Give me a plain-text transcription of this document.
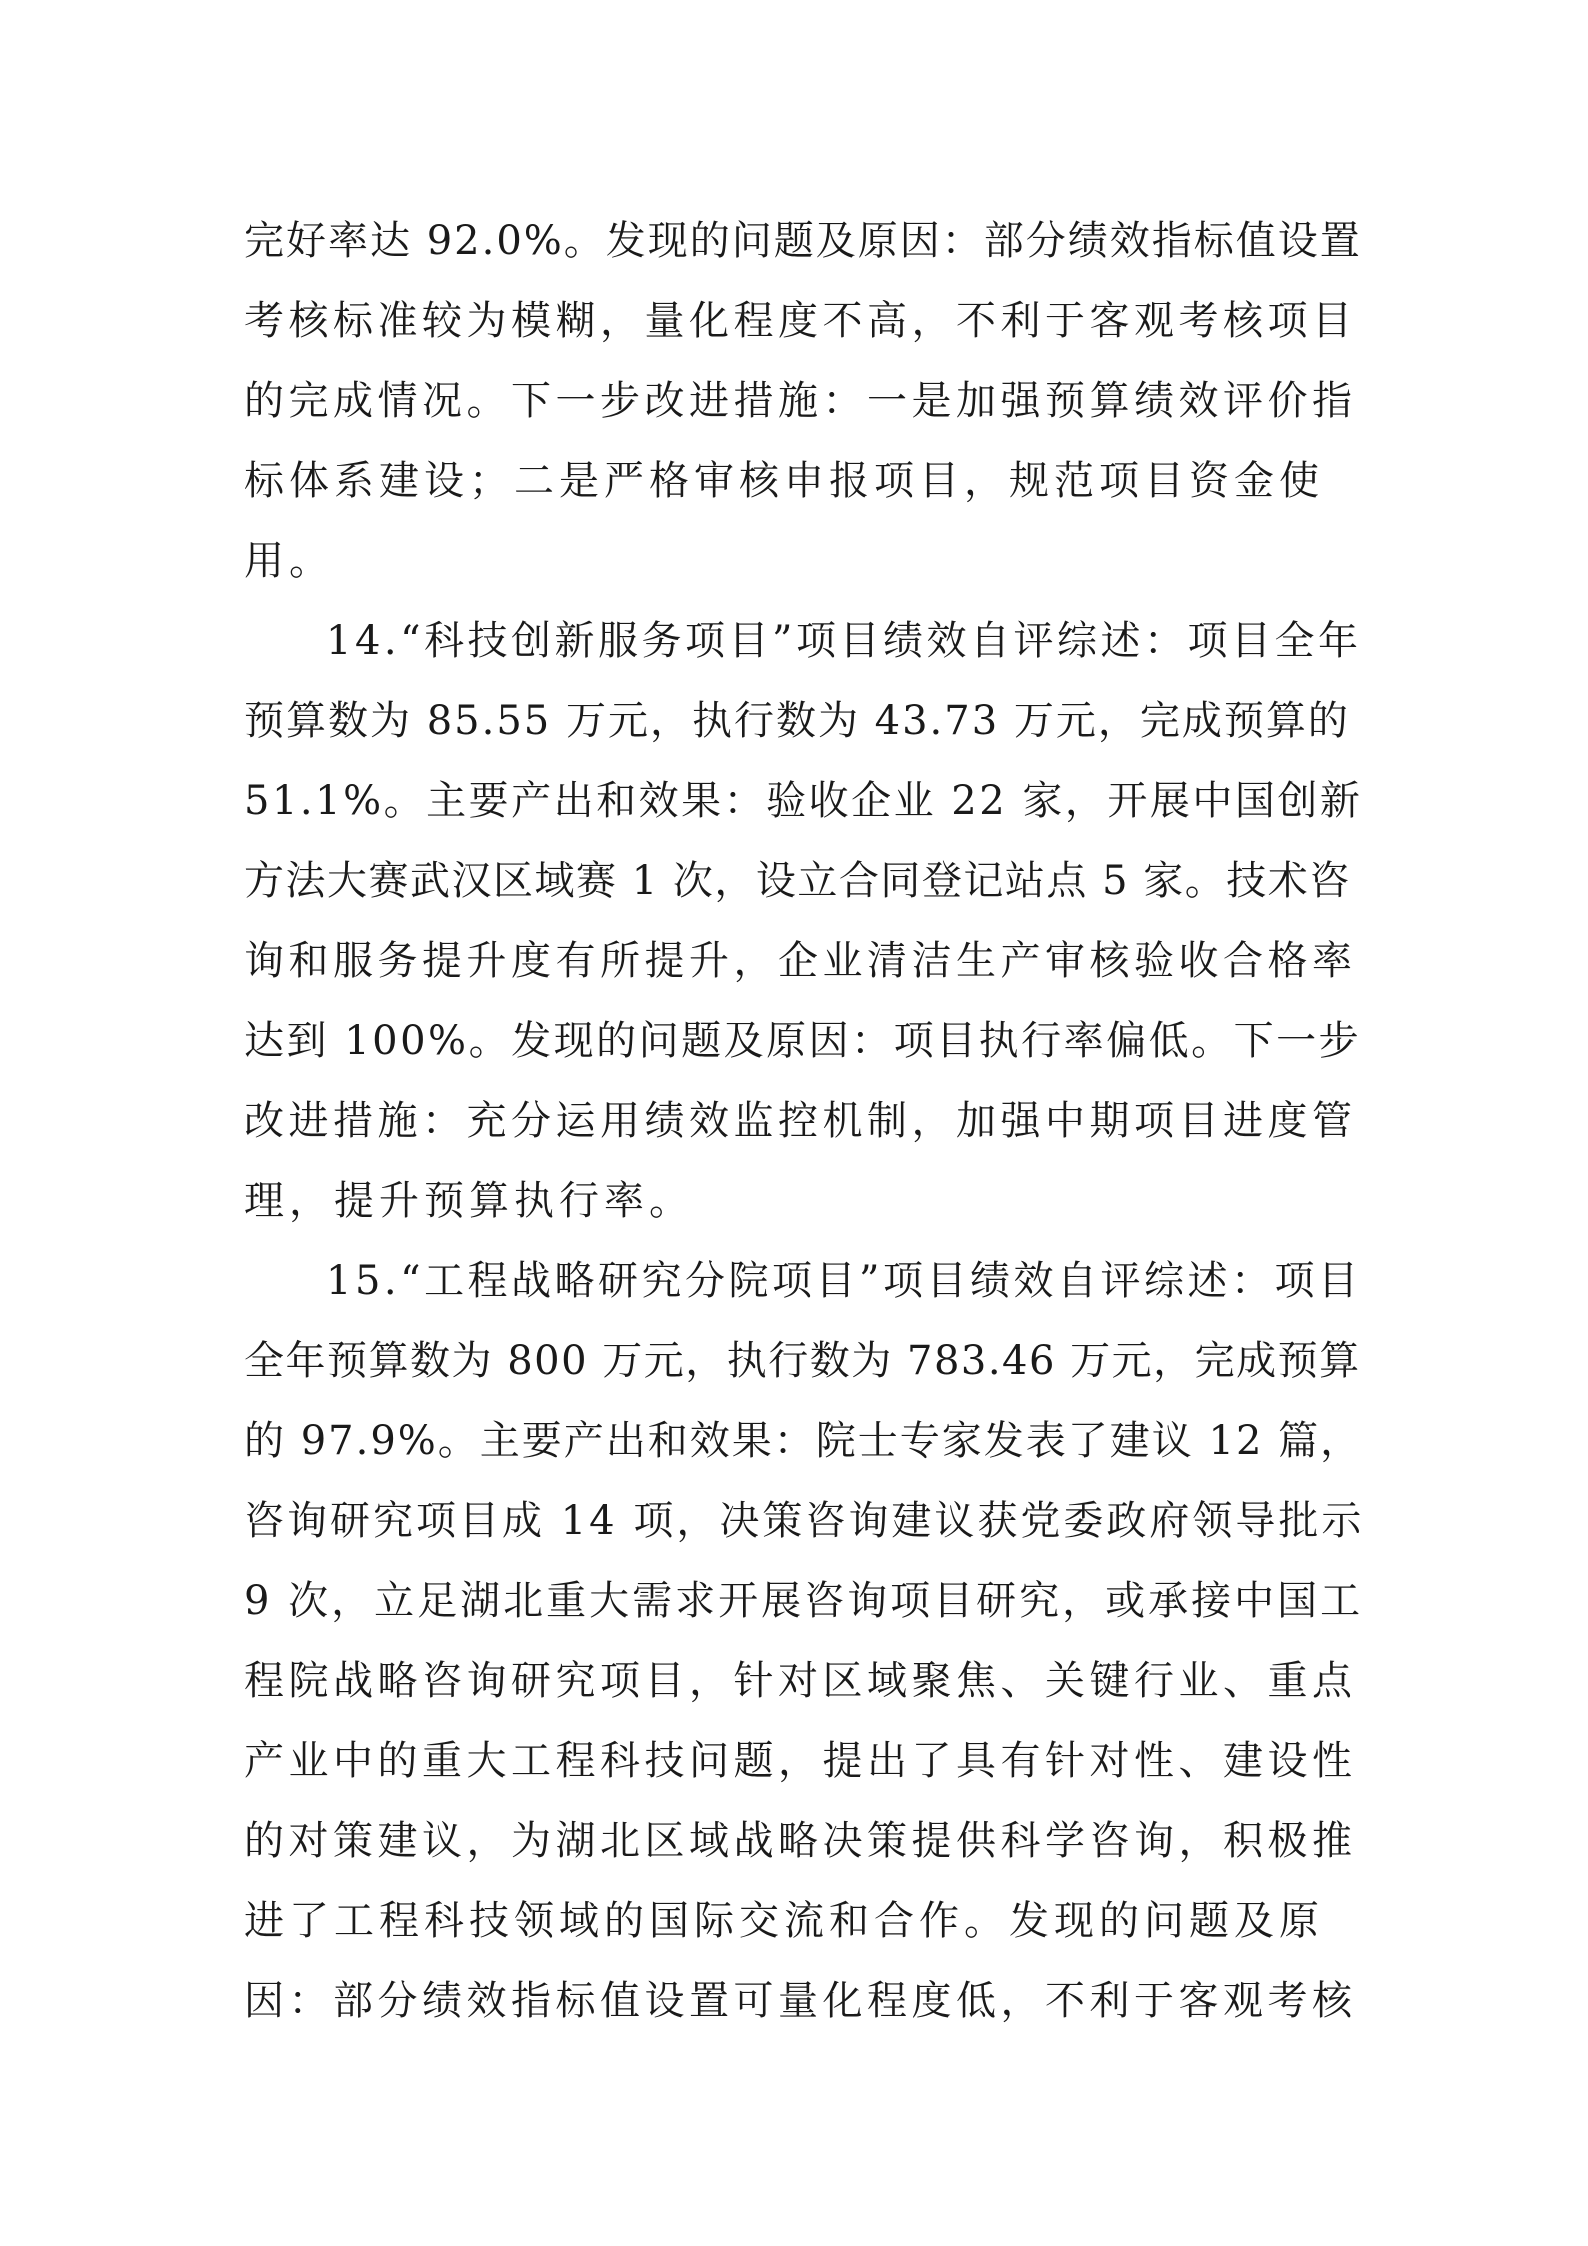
完好率达 92.0%。发现的问题及原因：部分绩效指标值设置
考核标准较为模糊，量化程度不高，不利于客观考核项目
的完成情况。下一步改进措施：一是加强预算绩效评价指
标体系建设；二是严格审核申报项目，规范项目资金使
用。
14.“科技创新服务项目”项目绩效自评综述：项目全年
预算数为 85.55 万元，执行数为 43.73 万元，完成预算的
51.1%。主要产出和效果：验收企业 22 家，开展中国创新
方法大赛武汉区域赛 1 次，设立合同登记站点 5 家。技术咨
询和服务提升度有所提升，企业清洁生产审核验收合格率
达到 100%。发现的问题及原因：项目执行率偏低。下一步
改进措施：充分运用绩效监控机制，加强中期项目进度管
理，提升预算执行率。
15.“工程战略研究分院项目”项目绩效自评综述：项目
全年预算数为 800 万元，执行数为 783.46 万元，完成预算
的 97.9%。主要产出和效果：院士专家发表了建议 12 篇，
咨询研究项目成 14 项，决策咨询建议获党委政府领导批示
9 次，立足湖北重大需求开展咨询项目研究，或承接中国工
程院战略咨询研究项目，针对区域聚焦、关键行业、重点
产业中的重大工程科技问题，提出了具有针对性、建设性
的对策建议，为湖北区域战略决策提供科学咨询，积极推
进了工程科技领域的国际交流和合作。发现的问题及原
因：部分绩效指标值设置可量化程度低，不利于客观考核
